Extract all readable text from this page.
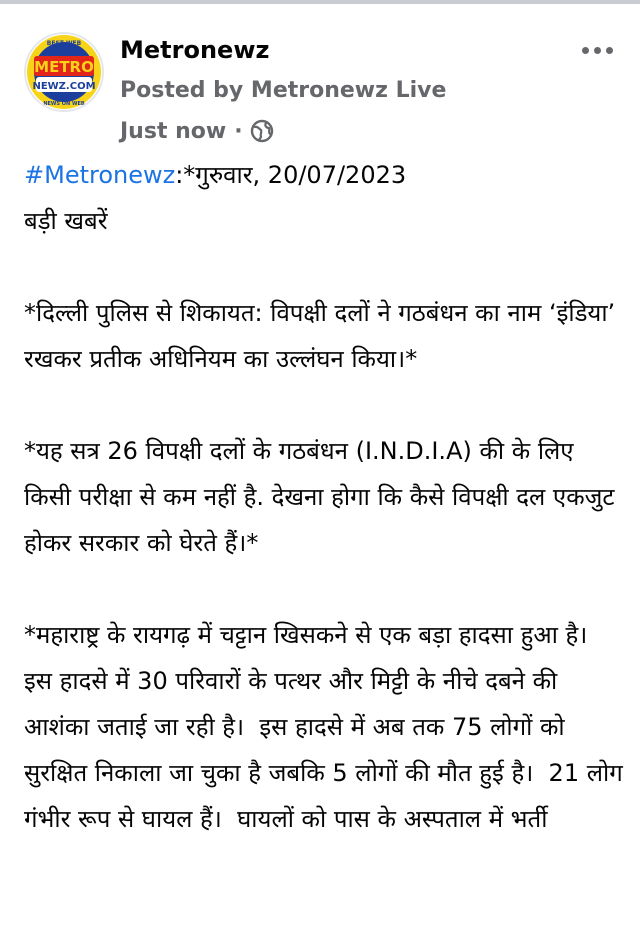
BEST WEB
NEWS ON WEB
METRO
NEWZ.COM
Metronewz
Posted by Metronewz Live
Just now ·

#Metronewz:*गुरुवार, 20/07/2023

बड़ी खबरें

*दिल्ली पुलिस से शिकायत: विपक्षी दलों ने गठबंधन का नाम ‘इंडिया’ रखकर प्रतीक अधिनियम का उल्लंघन किया।*

*यह सत्र 26 विपक्षी दलों के गठबंधन (I.N.D.I.A) की के लिए किसी परीक्षा से कम नहीं है. देखना होगा कि कैसे विपक्षी दल एकजुट होकर सरकार को घेरते हैं।*

*महाराष्ट्र के रायगढ़ में चट्टान खिसकने से एक बड़ा हादसा हुआ है।  इस हादसे में 30 परिवारों के पत्थर और मिट्टी के नीचे दबने की आशंका जताई जा रही है।  इस हादसे में अब तक 75 लोगों को सुरक्षित निकाला जा चुका है जबकि 5 लोगों की मौत हुई है।  21 लोग गंभीर रूप से घायल हैं।  घायलों को पास के अस्पताल में भर्ती
